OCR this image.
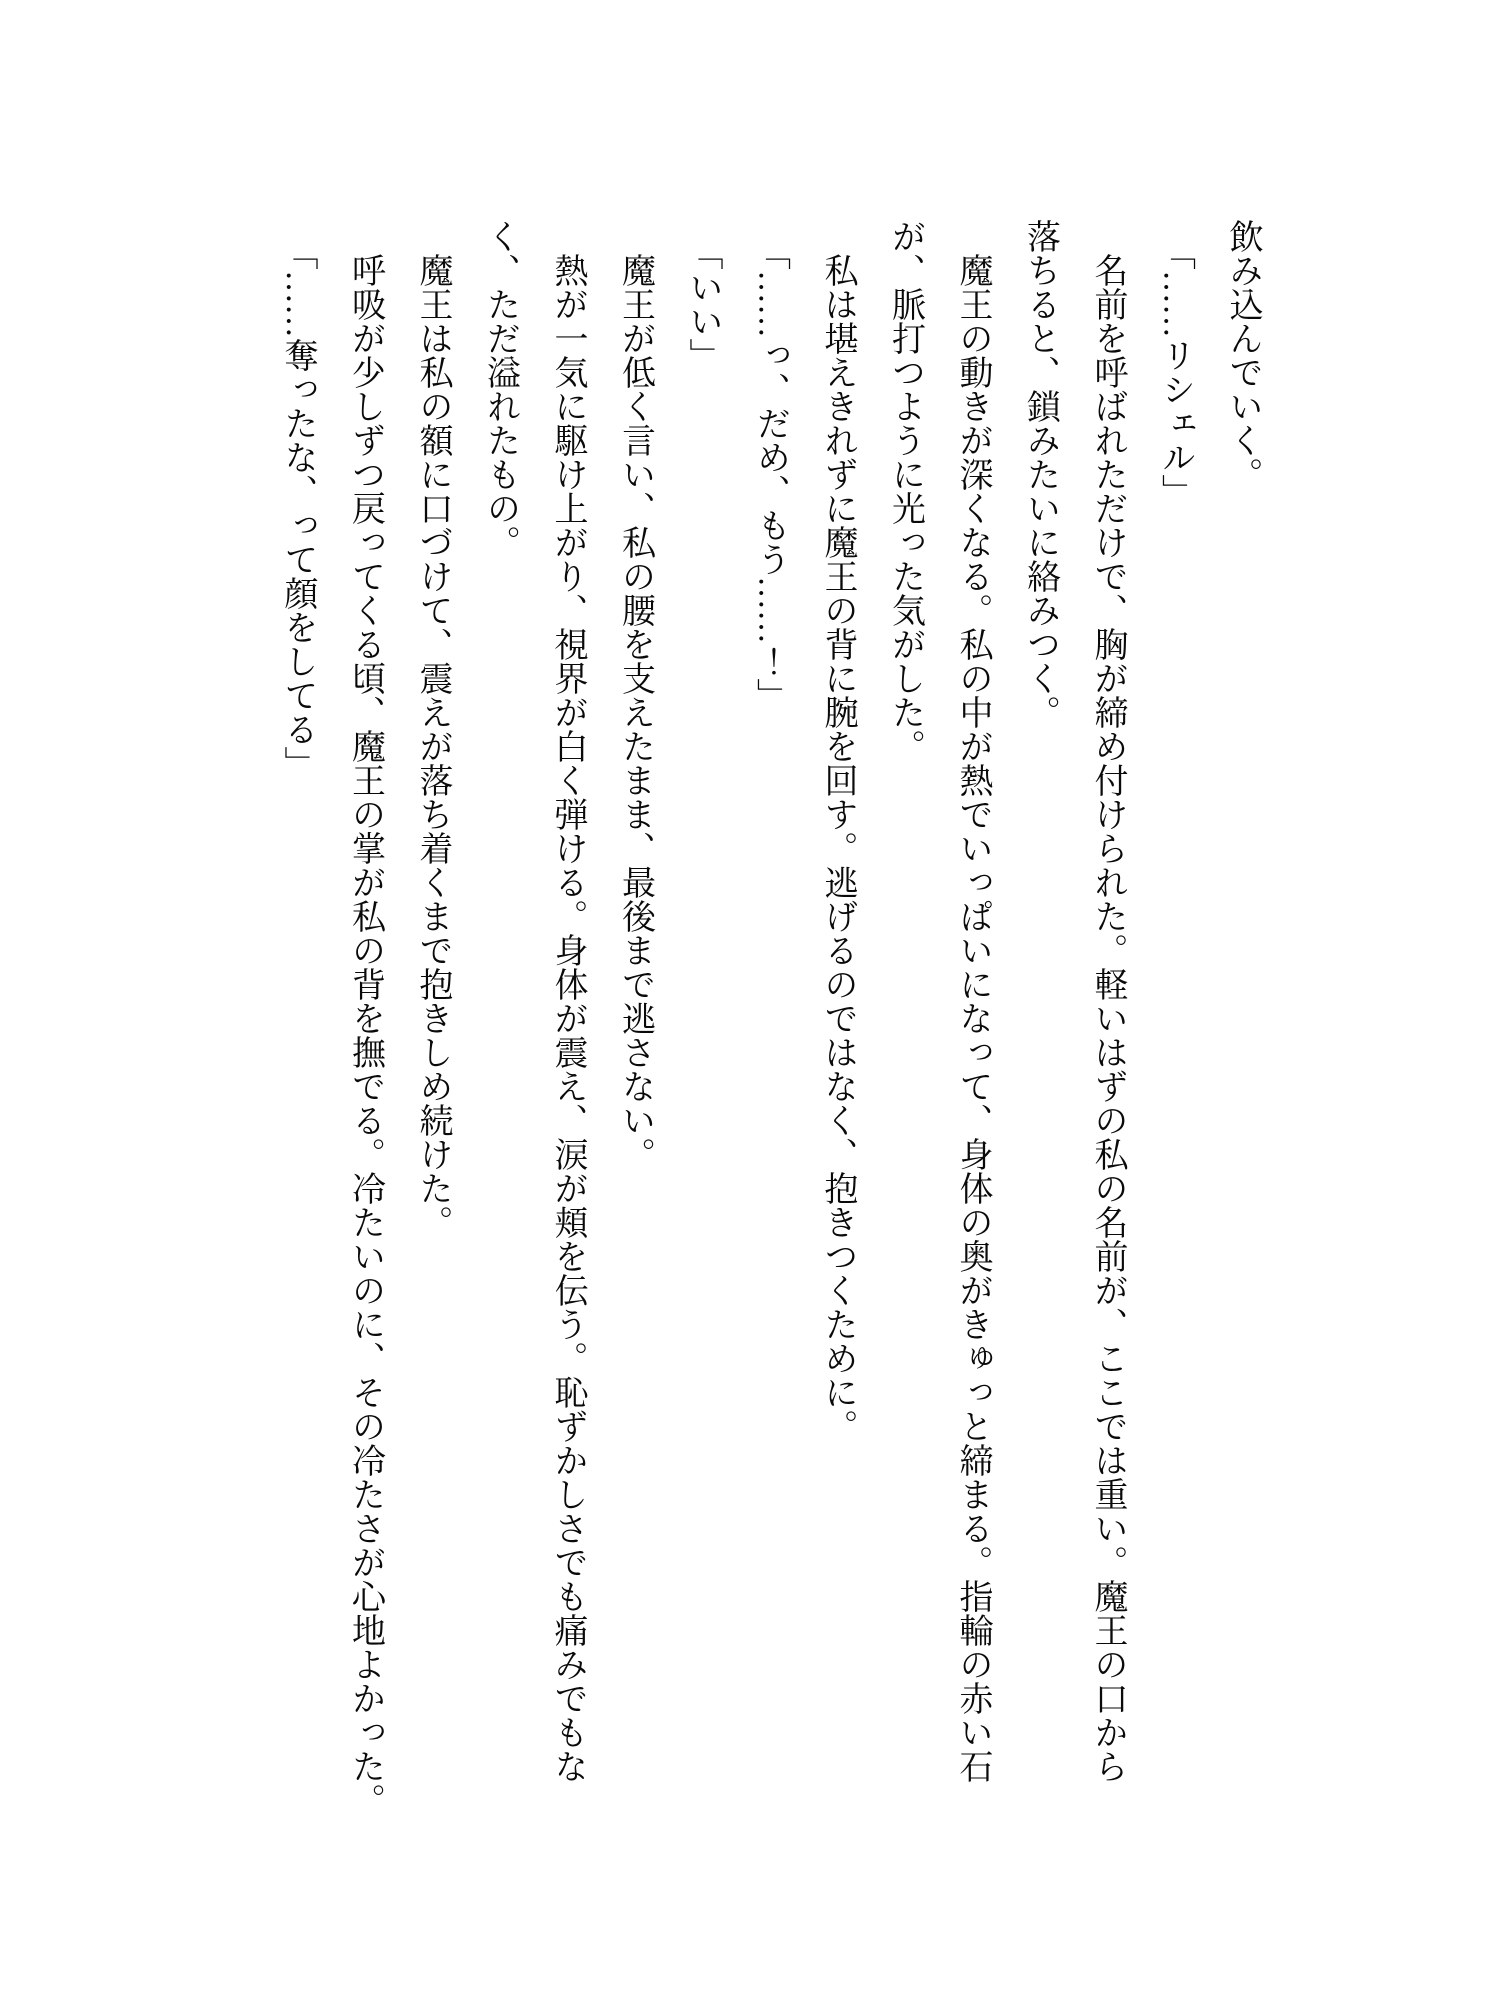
飲み込んでいく。
「……リシェル」
名前を呼ばれただけで、胸が締め付けられた。軽いはずの私の名前が、ここでは重い。魔王の口から
落ちると、鎖みたいに絡みつく。
魔王の動きが深くなる。私の中が熱でいっぱいになって、身体の奥がきゅっと締まる。指輪の赤い石
が、脈打つように光った気がした。
私は堪えきれずに魔王の背に腕を回す。逃げるのではなく、抱きつくために。
「……っ、だめ、もう……！」
「いい」
魔王が低く言い、私の腰を支えたまま、最後まで逃さない。
熱が一気に駆け上がり、視界が白く弾ける。身体が震え、涙が頬を伝う。恥ずかしさでも痛みでもな
く、ただ溢れたもの。
魔王は私の額に口づけて、震えが落ち着くまで抱きしめ続けた。
呼吸が少しずつ戻ってくる頃、魔王の掌が私の背を撫でる。冷たいのに、その冷たさが心地よかった。
「……奪ったな、って顔をしてる」
